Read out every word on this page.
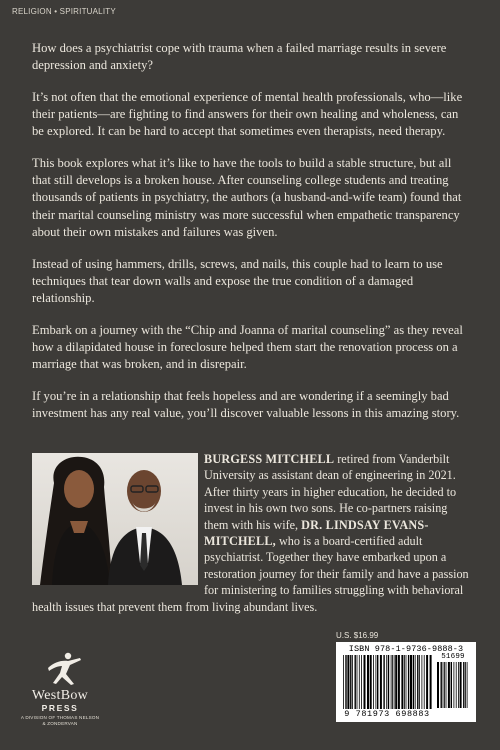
RELIGION • SPIRITUALITY

How does a psychiatrist cope with trauma when a failed marriage results in severe depression and anxiety?

It’s not often that the emotional experience of mental health professionals, who—like their patients—are fighting to find answers for their own healing and wholeness, can be explored. It can be hard to accept that sometimes even therapists, need therapy.

This book explores what it’s like to have the tools to build a stable structure, but all that still develops is a broken house. After counseling college students and treating thousands of patients in psychiatry, the authors (a husband-and-wife team) found that their marital counseling ministry was more successful when empathetic transparency about their own mistakes and failures was given.

Instead of using hammers, drills, screws, and nails, this couple had to learn to use techniques that tear down walls and expose the true condition of a damaged relationship.

Embark on a journey with the “Chip and Joanna of marital counseling” as they reveal how a dilapidated house in foreclosure helped them start the renovation process on a marriage that was broken, and in disrepair.

If you’re in a relationship that feels hopeless and are wondering if a seemingly bad investment has any real value, you’ll discover valuable lessons in this amazing story.

BURGESS MITCHELL retired from Vanderbilt University as assistant dean of engineering in 2021. After thirty years in higher education, he decided to invest in his own two sons. He co-partners raising them with his wife, DR. LINDSAY EVANS-MITCHELL, who is a board-certified adult psychiatrist. Together they have embarked upon a restoration journey for their family and have a passion for ministering to families struggling with behavioral health issues that prevent them from living abundant lives.
U.S. $16.99
ISBN 978-1-9736-9888-3
51699
9 781973 698883
WestBow
PRESS
A DIVISION OF THOMAS NELSON
& ZONDERVAN
